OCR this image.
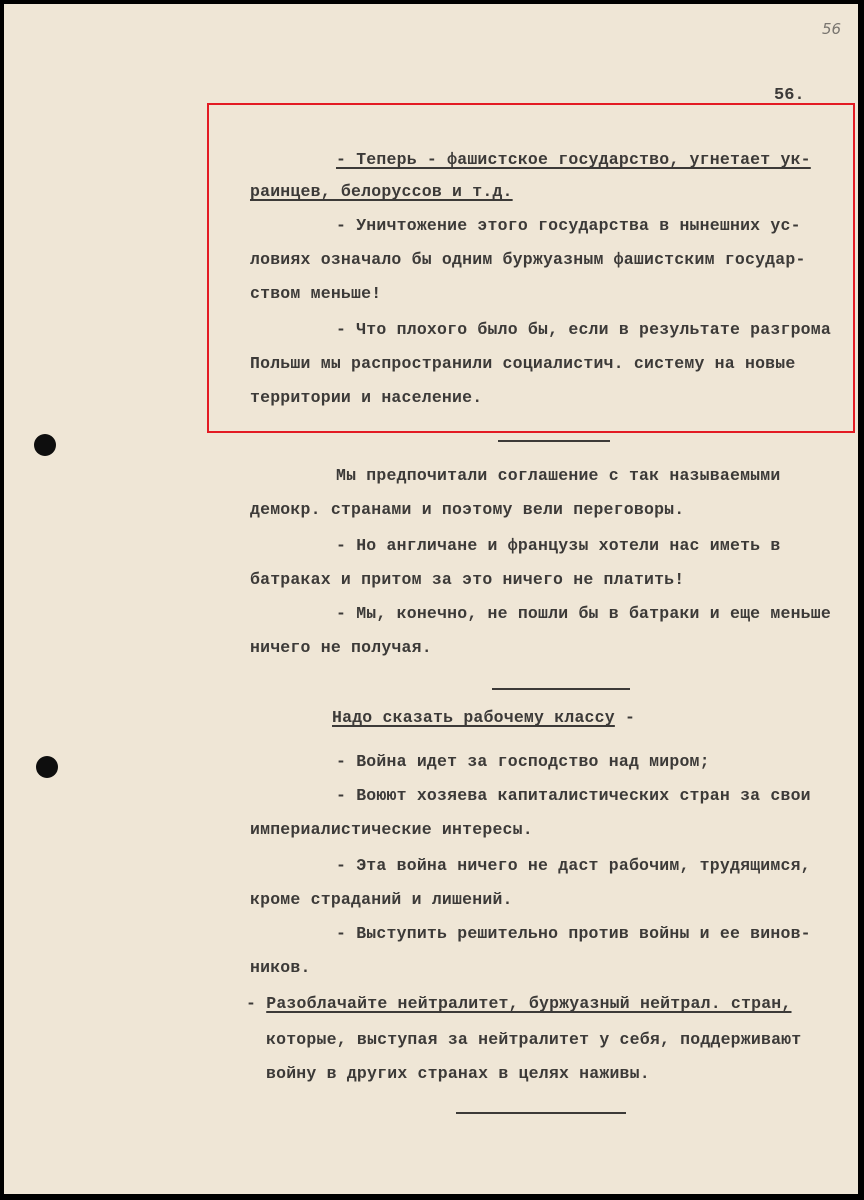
56
56.
- Теперь - фашистское государство, угнетает ук-
раинцев, белоруссов и т.д.
- Уничтожение этого государства в нынешних ус-
ловиях означало бы одним буржуазным фашистским государ-
ством меньше!
- Что плохого было бы, если в результате разгрома
Польши мы распространили социалистич. систему на новые
территории и население.
Мы предпочитали соглашение с так называемыми
демокр. странами и поэтому вели переговоры.
- Но англичане и французы хотели нас иметь в
батраках и притом за это ничего не платить!
- Мы, конечно, не пошли бы в батраки и еще меньше
ничего не получая.
Надо сказать рабочему классу -
- Война идет за господство над миром;
- Воюют хозяева капиталистических стран за свои
империалистические интересы.
- Эта война ничего не даст рабочим, трудящимся,
кроме страданий и лишений.
- Выступить решительно против войны и ее винов-
ников.
- Разоблачайте нейтралитет, буржуазный нейтрал. стран,
которые, выступая за нейтралитет у себя, поддерживают
войну в других странах в целях наживы.
